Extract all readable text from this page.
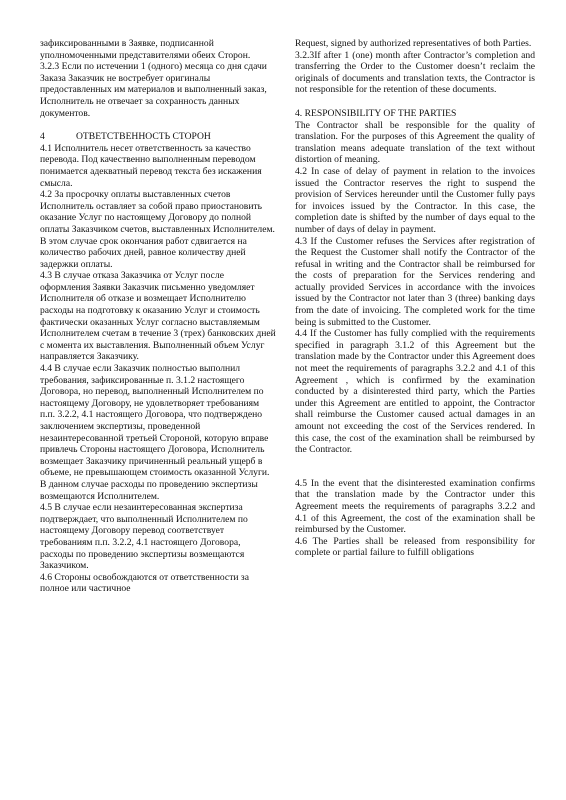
зафиксированными в Заявке, подписанной уполномоченными представителями обеих Сторон.

3.2.3 Если по истечении 1 (одного) месяца со дня сдачи Заказа Заказчик не востребует оригиналы предоставленных им материалов и выполненный заказ, Исполнитель не отвечает за сохранность данных документов.

4	ОТВЕТСТВЕННОСТЬ СТОРОН

4.1 Исполнитель несет ответственность за качество перевода. Под качественно выполненным переводом понимается адекватный перевод текста без искажения смысла.

4.2 За просрочку оплаты выставленных счетов Исполнитель оставляет за собой право приостановить оказание Услуг по настоящему Договору до полной оплаты Заказчиком счетов, выставленных Исполнителем. В этом случае срок окончания работ сдвигается на количество рабочих дней, равное количеству дней задержки оплаты.

4.3 В случае отказа Заказчика от Услуг после оформления Заявки Заказчик письменно уведомляет Исполнителя об отказе и возмещает Исполнителю расходы на подготовку к оказанию Услуг и стоимость фактически оказанных Услуг согласно выставляемым Исполнителем счетам в течение 3 (трех) банковских дней с момента их выставления. Выполненный объем Услуг направляется Заказчику.

4.4 В случае если Заказчик полностью выполнил требования, зафиксированные п. 3.1.2 настоящего Договора, но перевод, выполненный Исполнителем по настоящему Договору, не удовлетворяет требованиям п.п. 3.2.2, 4.1 настоящего Договора, что подтверждено заключением экспертизы, проведенной незаинтересованной третьей Стороной, которую вправе привлечь Стороны настоящего Договора, Исполнитель возмещает Заказчику причиненный реальный ущерб в объеме, не превышающем стоимость оказанной Услуги. В данном случае расходы по проведению экспертизы возмещаются Исполнителем.

4.5 В случае если незаинтересованная экспертиза подтверждает, что выполненный Исполнителем по настоящему Договору перевод соответствует требованиям п.п. 3.2.2, 4.1 настоящего Договора, расходы по проведению экспертизы возмещаются Заказчиком.

4.6 Стороны освобождаются от ответственности за полное или частичное

Request, signed by authorized representatives of both Parties.

3.2.3If after 1 (one) month after Contractor’s completion and transferring the Order to the Customer doesn’t reclaim the originals of documents and translation texts, the Contractor is not responsible for the retention of these documents.

4. RESPONSIBILITY OF THE PARTIES

The Contractor shall be responsible for the quality of translation. For the purposes of this Agreement the quality of translation means adequate translation of the text without distortion of meaning.

4.2 In case of delay of payment in relation to the invoices issued the Contractor reserves the right to suspend the provision of Services hereunder until the Customer fully pays for invoices issued by the Contractor. In this case, the completion date is shifted by the number of days equal to the number of days of delay in payment.

4.3 If the Customer refuses the Services after registration of the Request the Customer shall notify the Contractor of the refusal in writing and the Contractor shall be reimbursed for the costs of preparation for the Services rendering and actually provided Services in accordance with the invoices issued by the Contractor not later than 3 (three) banking days from the date of invoicing. The completed work for the time being is submitted to the Customer.

4.4 If the Customer has fully complied with the requirements specified in paragraph 3.1.2 of this Agreement but the translation made by the Contractor under this Agreement does not meet the requirements of paragraphs 3.2.2 and 4.1 of this Agreement , which is confirmed by the examination conducted by a disinterested third party, which the Parties under this Agreement are entitled to appoint, the Contractor shall reimburse the Customer caused actual damages in an amount not exceeding the cost of the Services rendered. In this case, the cost of the examination shall be reimbursed by the Contractor.

4.5 In the event that the disinterested examination confirms that the translation made by the Contractor under this Agreement meets the requirements of paragraphs 3.2.2 and 4.1 of this Agreement, the cost of the examination shall be reimbursed by the Customer.

4.6 The Parties shall be released from responsibility for complete or partial failure to fulfill obligations
